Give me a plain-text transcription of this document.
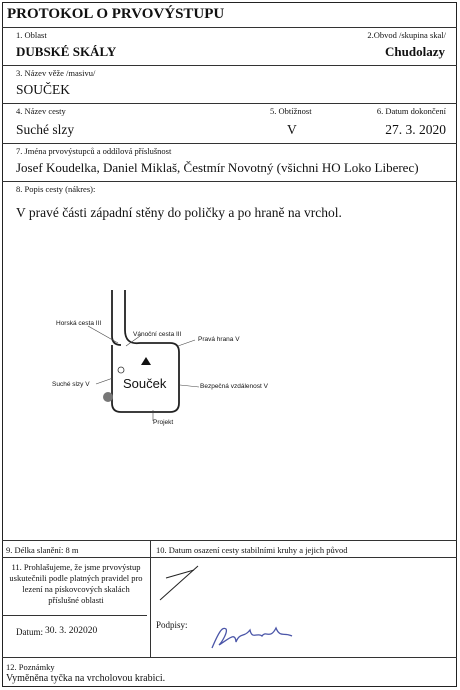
PROTOKOL O PRVOVÝSTUPU
1. Oblast
DUBSKÉ SKÁLY
2.Obvod /skupina skal/
Chudolazy
3. Název věže /masivu/
SOUČEK
4. Název cesty
Suché slzy
5. Obtížnost
V
6. Datum dokončení
27. 3. 2020
7. Jména prvovýstupců a oddílová příslušnost
Josef Koudelka, Daniel Miklaš, Čestmír Novotný (všichni HO Loko Liberec)
8. Popis cesty (nákres):
V pravé části západní stěny do poličky a po hraně na vrchol.
Souček
Horská cesta III
Vánoční cesta III
Pravá hrana V
Suché slzy V	Bezpečná vzdálenost V
Projekt
9. Délka slanění: 8 m	10. Datum osazení cesty stabilními kruhy a jejich původ
11. Prohlašujeme, že jsme prvovýstup uskutečnili podle platných pravidel pro lezení na pískovcových skalách příslušné oblasti
Datum: 30. 3. 202020
Podpisy:
12. Poznámky
Vyměněna tyčka na vrcholovou krabici.
